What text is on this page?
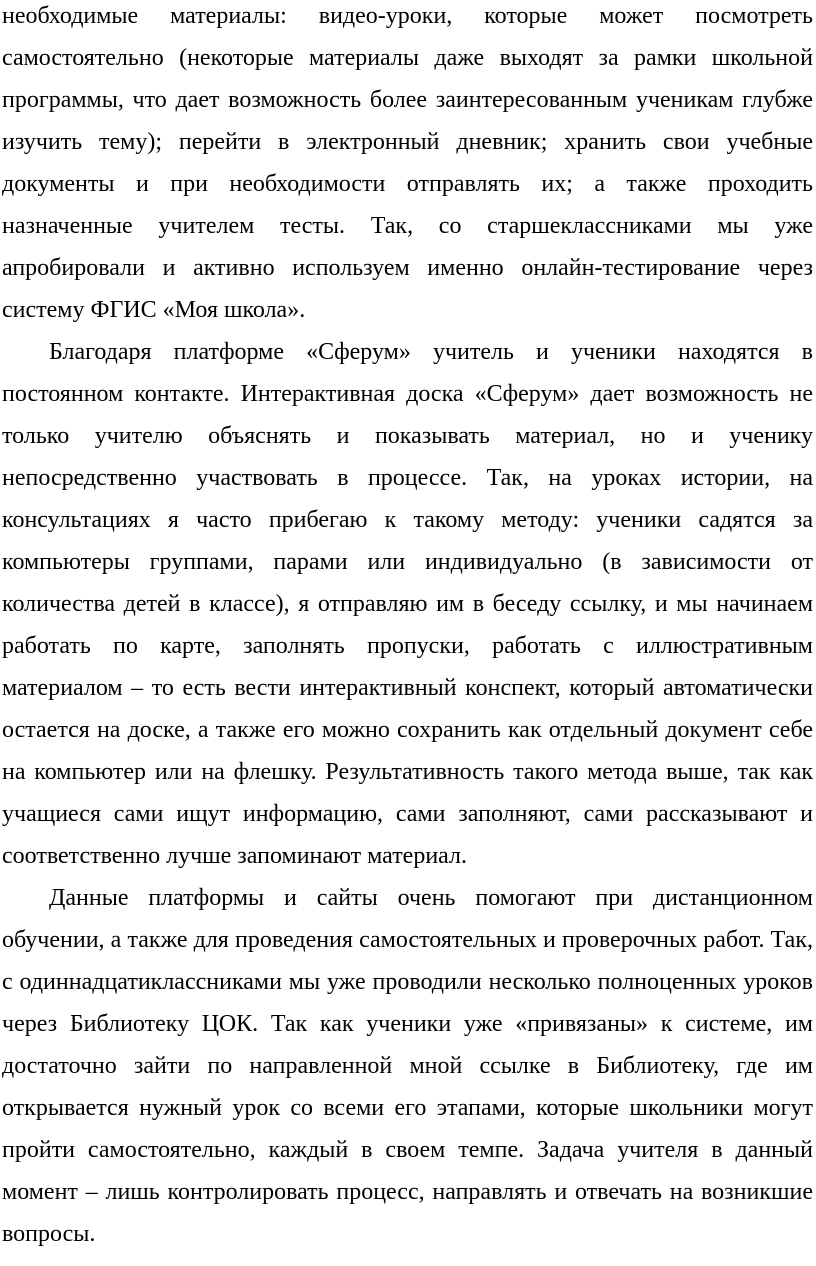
необходимые материалы: видео-уроки, которые может посмотреть
самостоятельно (некоторые материалы даже выходят за рамки школьной
программы, что дает возможность более заинтересованным ученикам глубже
изучить тему); перейти в электронный дневник; хранить свои учебные
документы и при необходимости отправлять их; а также проходить
назначенные учителем тесты. Так, со старшеклассниками мы уже
апробировали и активно используем именно онлайн-тестирование через
систему ФГИС «Моя школа».
Благодаря платформе «Сферум» учитель и ученики находятся в
постоянном контакте. Интерактивная доска «Сферум» дает возможность не
только учителю объяснять и показывать материал, но и ученику
непосредственно участвовать в процессе. Так, на уроках истории, на
консультациях я часто прибегаю к такому методу: ученики садятся за
компьютеры группами, парами или индивидуально (в зависимости от
количества детей в классе), я отправляю им в беседу ссылку, и мы начинаем
работать по карте, заполнять пропуски, работать с иллюстративным
материалом – то есть вести интерактивный конспект, который автоматически
остается на доске, а также его можно сохранить как отдельный документ себе
на компьютер или на флешку. Результативность такого метода выше, так как
учащиеся сами ищут информацию, сами заполняют, сами рассказывают и
соответственно лучше запоминают материал.
Данные платформы и сайты очень помогают при дистанционном
обучении, а также для проведения самостоятельных и проверочных работ. Так,
с одиннадцатиклассниками мы уже проводили несколько полноценных уроков
через Библиотеку ЦОК. Так как ученики уже «привязаны» к системе, им
достаточно зайти по направленной мной ссылке в Библиотеку, где им
открывается нужный урок со всеми его этапами, которые школьники могут
пройти самостоятельно, каждый в своем темпе. Задача учителя в данный
момент – лишь контролировать процесс, направлять и отвечать на возникшие
вопросы.
